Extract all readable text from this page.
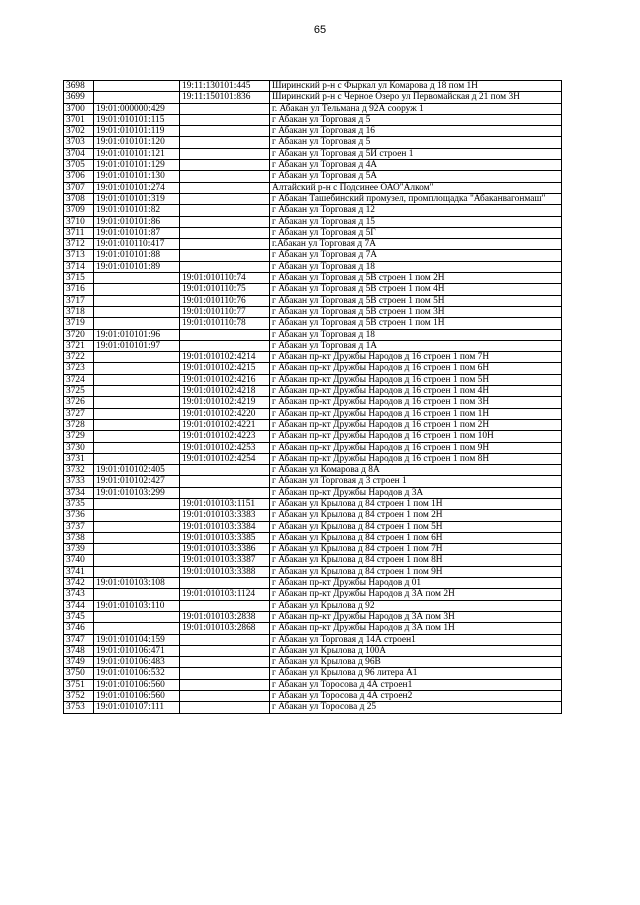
65
3698		19:11:130101:445	Ширинский р-н с Фыркал ул Комарова д 18 пом 1Н
3699		19:11:150101:836	Ширинский р-н с Черное Озеро ул Первомайская д 21 пом 3Н
3700	19:01:000000:429		г. Абакан ул Тельмана д 92А сооруж 1
3701	19:01:010101:115		г Абакан ул Торговая д 5
3702	19:01:010101:119		г Абакан ул Торговая д 16
3703	19:01:010101:120		г Абакан ул Торговая д 5
3704	19:01:010101:121		г Абакан ул Торговая д 5И строен 1
3705	19:01:010101:129		г Абакан ул Торговая д 4А
3706	19:01:010101:130		г Абакан ул Торговая д 5А
3707	19:01:010101:274		Алтайский р-н с Подсинее ОАО"Алком"
3708	19:01:010101:319		г Абакан Ташебинский промузел, промплощадка "Абаканвагонмаш"
3709	19:01:010101:82		г Абакан ул Торговая д 12
3710	19:01:010101:86		г Абакан ул Торговая д 15
3711	19:01:010101:87		г Абакан ул Торговая д 5Г
3712	19:01:010110:417		г.Абакан ул Торговая д 7А
3713	19:01:010101:88		г Абакан ул Торговая д 7А
3714	19:01:010101:89		г Абакан ул Торговая д 18
3715		19:01:010110:74	г Абакан ул Торговая д 5В строен 1 пом 2Н
3716		19:01:010110:75	г Абакан ул Торговая д 5В строен 1 пом 4Н
3717		19:01:010110:76	г Абакан ул Торговая д 5В строен 1 пом 5Н
3718		19:01:010110:77	г Абакан ул Торговая д 5В строен 1 пом 3Н
3719		19:01:010110:78	г Абакан ул Торговая д 5В строен 1 пом 1Н
3720	19:01:010101:96		г Абакан ул Торговая д 18
3721	19:01:010101:97		г Абакан ул Торговая д 1А
3722		19:01:010102:4214	г Абакан пр-кт Дружбы Народов д 16 строен 1 пом 7Н
3723		19:01:010102:4215	г Абакан пр-кт Дружбы Народов д 16 строен 1 пом 6Н
3724		19:01:010102:4216	г Абакан пр-кт Дружбы Народов д 16 строен 1 пом 5Н
3725		19:01:010102:4218	г Абакан пр-кт Дружбы Народов д 16 строен 1 пом 4Н
3726		19:01:010102:4219	г Абакан пр-кт Дружбы Народов д 16 строен 1 пом 3Н
3727		19:01:010102:4220	г Абакан пр-кт Дружбы Народов д 16 строен 1 пом 1Н
3728		19:01:010102:4221	г Абакан пр-кт Дружбы Народов д 16 строен 1 пом 2Н
3729		19:01:010102:4223	г Абакан пр-кт Дружбы Народов д 16 строен 1 пом 10Н
3730		19:01:010102:4253	г Абакан пр-кт Дружбы Народов д 16 строен 1 пом 9Н
3731		19:01:010102:4254	г Абакан пр-кт Дружбы Народов д 16 строен 1 пом 8Н
3732	19:01:010102:405		г Абакан ул Комарова д 8А
3733	19:01:010102:427		г Абакан ул Торговая д 3 строен 1
3734	19:01:010103:299		г Абакан пр-кт Дружбы Народов д 3А
3735		19:01:010103:1151	г Абакан ул Крылова д 84 строен 1 пом 1Н
3736		19:01:010103:3383	г Абакан ул Крылова д 84 строен 1 пом 2Н
3737		19:01:010103:3384	г Абакан ул Крылова д 84 строен 1 пом 5Н
3738		19:01:010103:3385	г Абакан ул Крылова д 84 строен 1 пом 6Н
3739		19:01:010103:3386	г Абакан ул Крылова д 84 строен 1 пом 7Н
3740		19:01:010103:3387	г Абакан ул Крылова д 84 строен 1 пом 8Н
3741		19:01:010103:3388	г Абакан ул Крылова д 84 строен 1 пом 9Н
3742	19:01:010103:108		г Абакан пр-кт Дружбы Народов д 01
3743		19:01:010103:1124	г Абакан пр-кт Дружбы Народов д 3А пом 2Н
3744	19:01:010103:110		г Абакан ул Крылова д 92
3745		19:01:010103:2838	г Абакан пр-кт Дружбы Народов д 3А пом 3Н
3746		19:01:010103:2868	г Абакан пр-кт Дружбы Народов д 3А пом 1Н
3747	19:01:010104:159		г Абакан ул Торговая д 14А строен1
3748	19:01:010106:471		г Абакан ул Крылова д 100А
3749	19:01:010106:483		г Абакан ул Крылова д 96В
3750	19:01:010106:532		г Абакан ул Крылова д 96 литера А1
3751	19:01:010106:560		г Абакан ул Торосова д 4А строен1
3752	19:01:010106:560		г Абакан ул Торосова д 4А строен2
3753	19:01:010107:111		г Абакан ул Торосова д 25
